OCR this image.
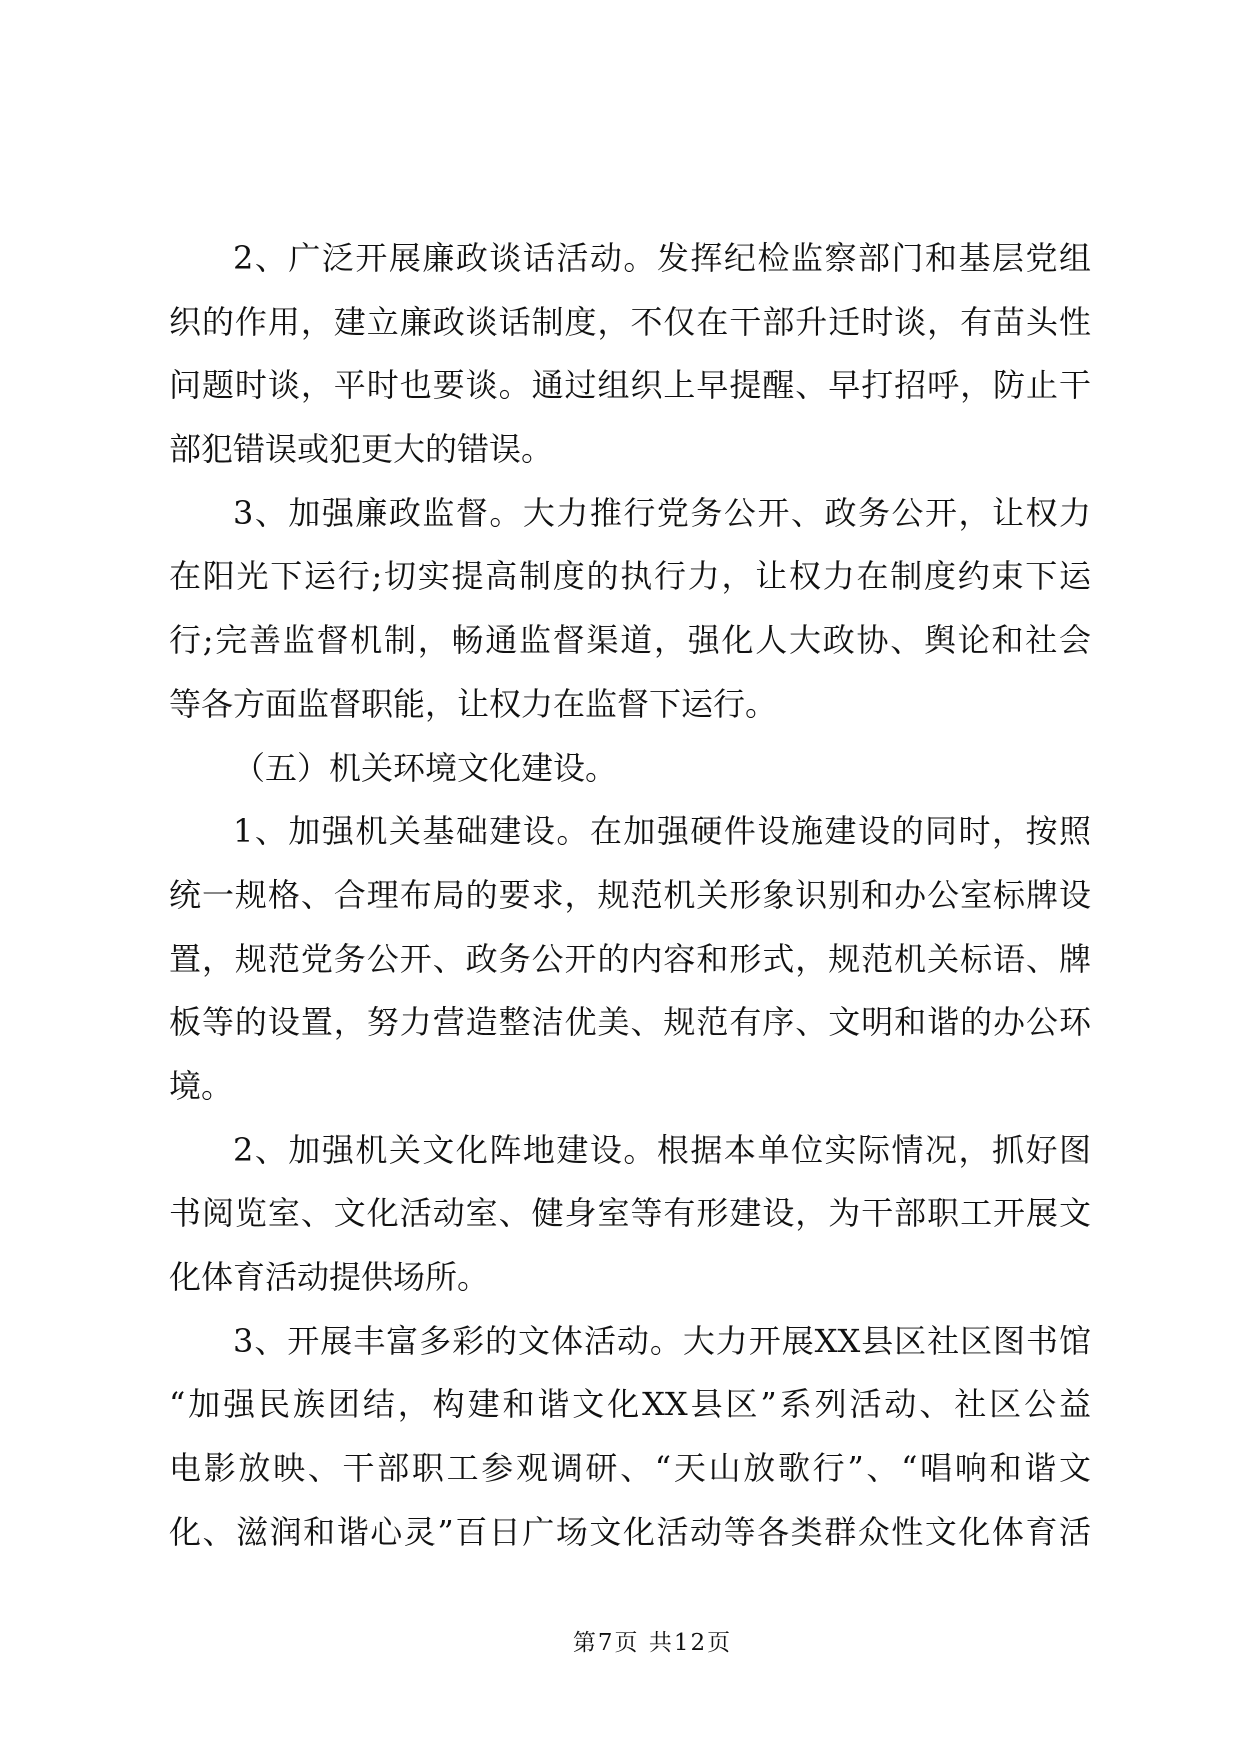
2、广泛开展廉政谈话活动。发挥纪检监察部门和基层党组
织的作用，建立廉政谈话制度，不仅在干部升迁时谈，有苗头性
问题时谈，平时也要谈。通过组织上早提醒、早打招呼，防止干
部犯错误或犯更大的错误。
3、加强廉政监督。大力推行党务公开、政务公开，让权力
在阳光下运行;切实提高制度的执行力，让权力在制度约束下运
行;完善监督机制，畅通监督渠道，强化人大政协、舆论和社会
等各方面监督职能，让权力在监督下运行。
（五）机关环境文化建设。
1、加强机关基础建设。在加强硬件设施建设的同时，按照
统一规格、合理布局的要求，规范机关形象识别和办公室标牌设
置，规范党务公开、政务公开的内容和形式，规范机关标语、牌
板等的设置，努力营造整洁优美、规范有序、文明和谐的办公环
境。
2、加强机关文化阵地建设。根据本单位实际情况，抓好图
书阅览室、文化活动室、健身室等有形建设，为干部职工开展文
化体育活动提供场所。
3、开展丰富多彩的文体活动。大力开展XX县区社区图书馆
“加强民族团结，构建和谐文化XX县区”系列活动、社区公益
电影放映、干部职工参观调研、“天山放歌行”、“唱响和谐文
化、滋润和谐心灵”百日广场文化活动等各类群众性文化体育活
第7页 共12页
